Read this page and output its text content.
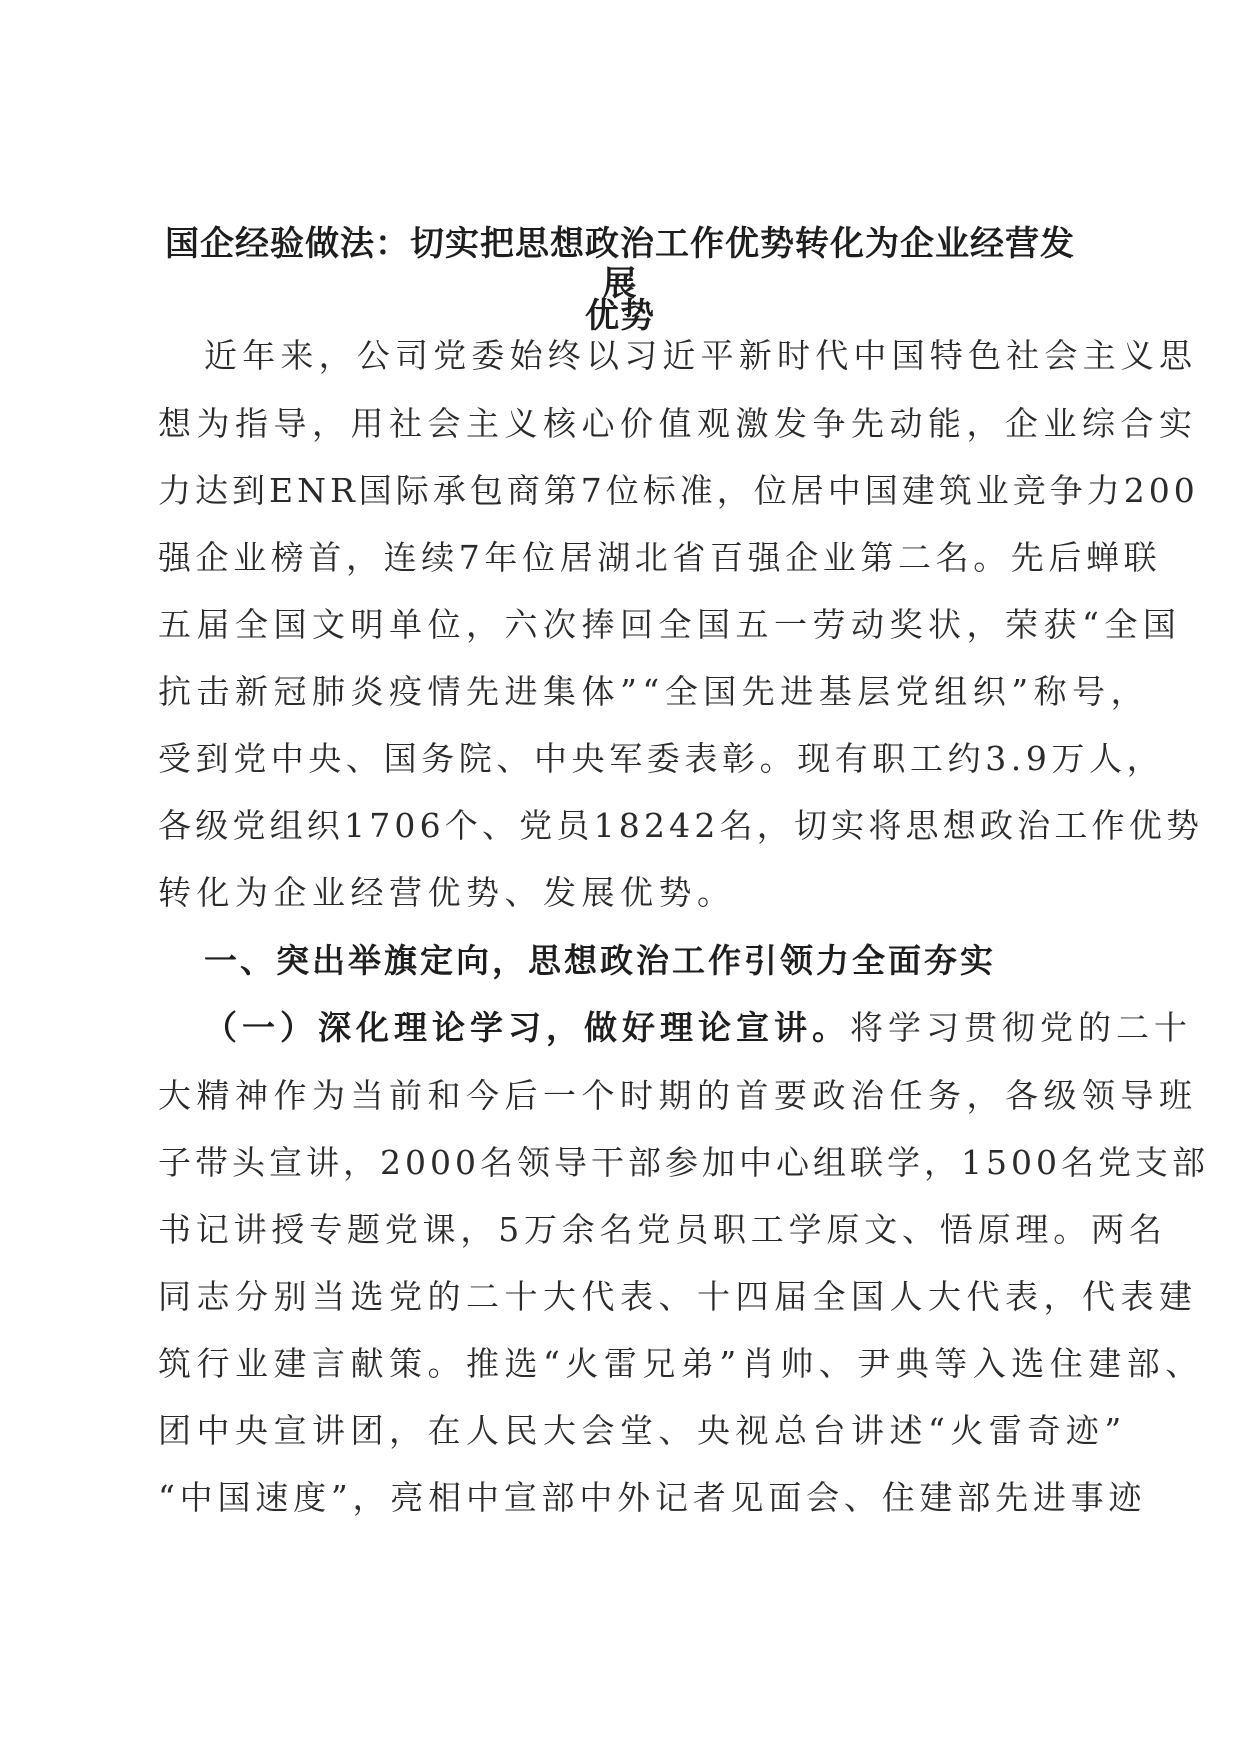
国企经验做法：切实把思想政治工作优势转化为企业经营发展
优势
近年来，公司党委始终以习近平新时代中国特色社会主义思
想为指导，用社会主义核心价值观激发争先动能，企业综合实
力达到ENR国际承包商第7位标准，位居中国建筑业竞争力200
强企业榜首，连续7年位居湖北省百强企业第二名。先后蝉联
五届全国文明单位，六次捧回全国五一劳动奖状，荣获“全国
抗击新冠肺炎疫情先进集体”“全国先进基层党组织”称号，
受到党中央、国务院、中央军委表彰。现有职工约3.9万人，
各级党组织1706个、党员18242名，切实将思想政治工作优势
转化为企业经营优势、发展优势。
一、突出举旗定向，思想政治工作引领力全面夯实
（一）深化理论学习，做好理论宣讲。将学习贯彻党的二十
大精神作为当前和今后一个时期的首要政治任务，各级领导班
子带头宣讲，2000名领导干部参加中心组联学，1500名党支部
书记讲授专题党课，5万余名党员职工学原文、悟原理。两名
同志分别当选党的二十大代表、十四届全国人大代表，代表建
筑行业建言献策。推选“火雷兄弟”肖帅、尹典等入选住建部、
团中央宣讲团，在人民大会堂、央视总台讲述“火雷奇迹”
“中国速度”，亮相中宣部中外记者见面会、住建部先进事迹
